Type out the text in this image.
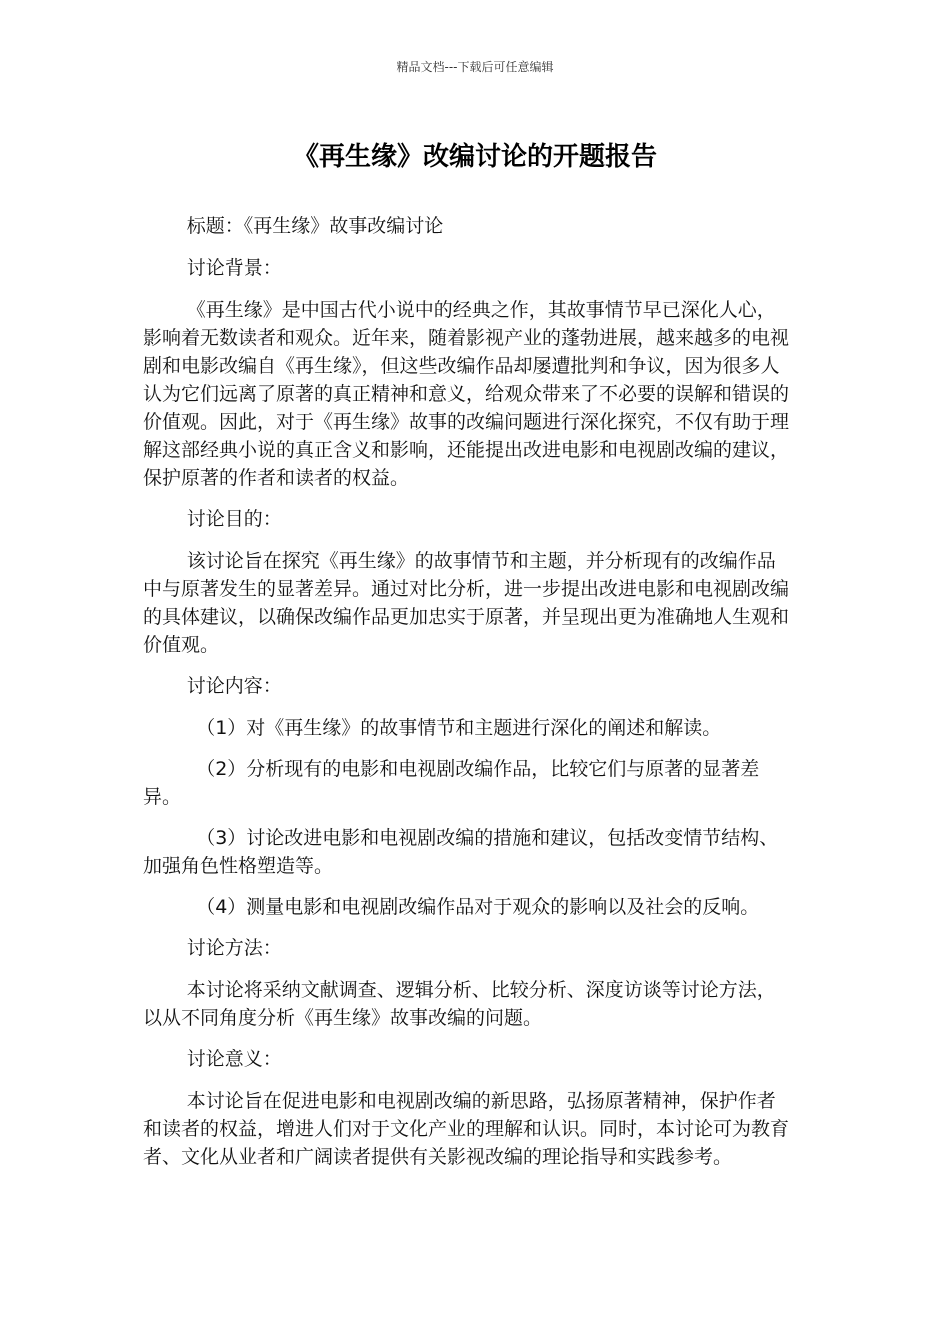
精品文档---下载后可任意编辑
《再生缘》改编讨论的开题报告

标题：《再生缘》故事改编讨论

讨论背景：

《再生缘》是中国古代小说中的经典之作，其故事情节早已深化人心，影响着无数读者和观众。近年来，随着影视产业的蓬勃进展，越来越多的电视剧和电影改编自《再生缘》，但这些改编作品却屡遭批判和争议，因为很多人认为它们远离了原著的真正精神和意义，给观众带来了不必要的误解和错误的价值观。因此，对于《再生缘》故事的改编问题进行深化探究，不仅有助于理解这部经典小说的真正含义和影响，还能提出改进电影和电视剧改编的建议，保护原著的作者和读者的权益。

讨论目的：

该讨论旨在探究《再生缘》的故事情节和主题，并分析现有的改编作品中与原著发生的显著差异。通过对比分析，进一步提出改进电影和电视剧改编的具体建议，以确保改编作品更加忠实于原著，并呈现出更为准确地人生观和价值观。

讨论内容：

（1）对《再生缘》的故事情节和主题进行深化的阐述和解读。

（2）分析现有的电影和电视剧改编作品，比较它们与原著的显著差异。

（3）讨论改进电影和电视剧改编的措施和建议，包括改变情节结构、加强角色性格塑造等。

（4）测量电影和电视剧改编作品对于观众的影响以及社会的反响。

讨论方法：

本讨论将采纳文献调查、逻辑分析、比较分析、深度访谈等讨论方法，以从不同角度分析《再生缘》故事改编的问题。

讨论意义：

本讨论旨在促进电影和电视剧改编的新思路，弘扬原著精神，保护作者和读者的权益，增进人们对于文化产业的理解和认识。同时，本讨论可为教育者、文化从业者和广阔读者提供有关影视改编的理论指导和实践参考。
